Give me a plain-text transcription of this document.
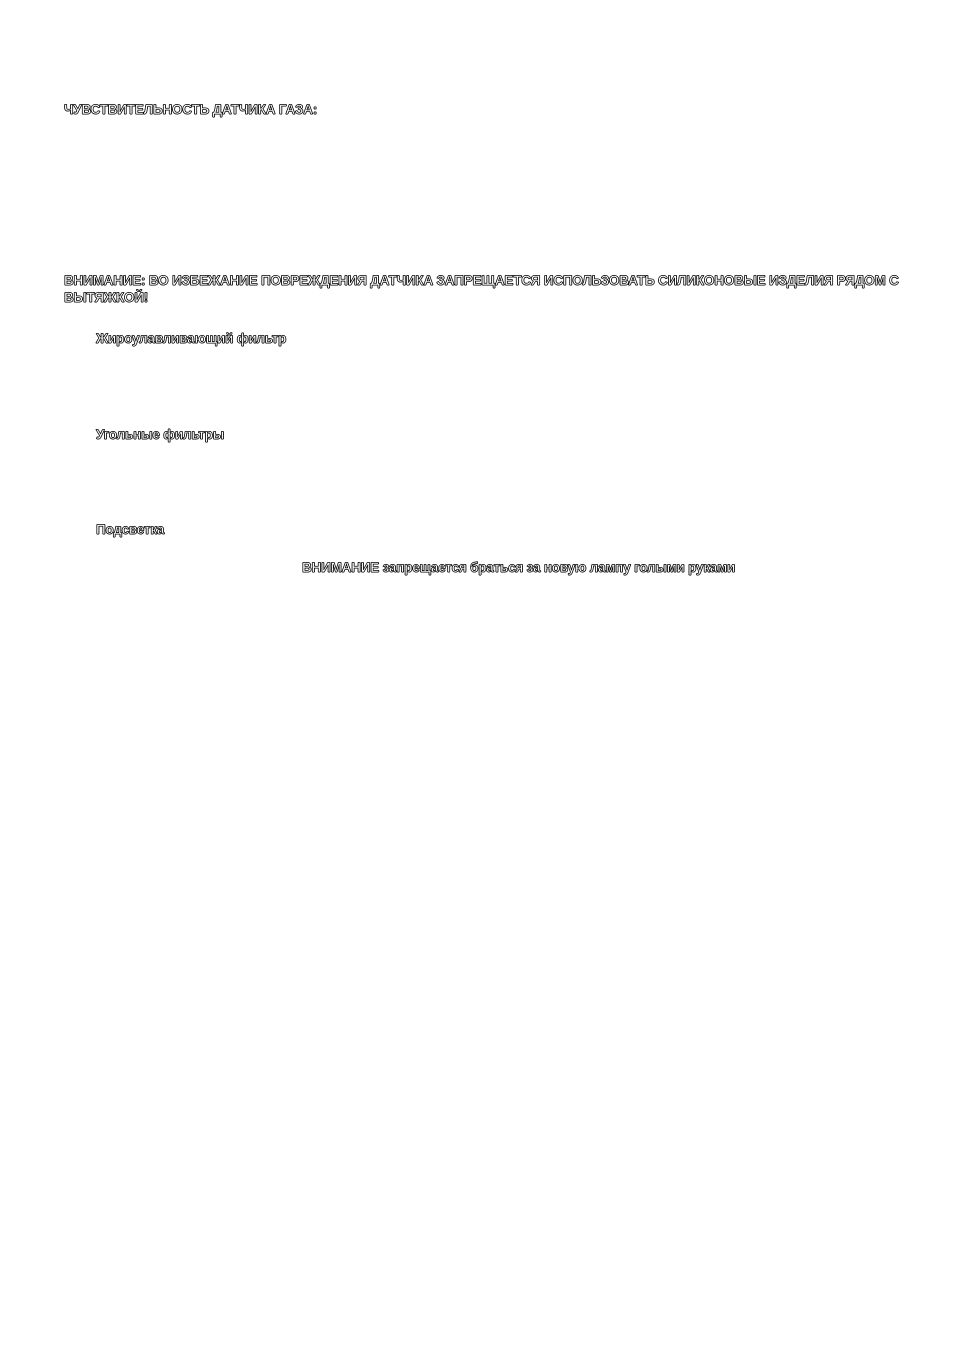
ЧУВСТВИТЕЛЬНОСТЬ ДАТЧИКА ГАЗА:
ВНИМАНИЕ: ВО ИЗБЕЖАНИЕ ПОВРЕЖДЕНИЯ ДАТЧИКА ЗАПРЕЩАЕТСЯ ИСПОЛЬЗОВАТЬ СИЛИКОНОВЫЕ ИЗДЕЛИЯ РЯДОМ С ВЫТЯЖКОЙ!
Жироулавливающий фильтр
Угольные фильтры
Подсветка
ВНИМАНИЕ запрещается браться за новую лампу голыми руками
